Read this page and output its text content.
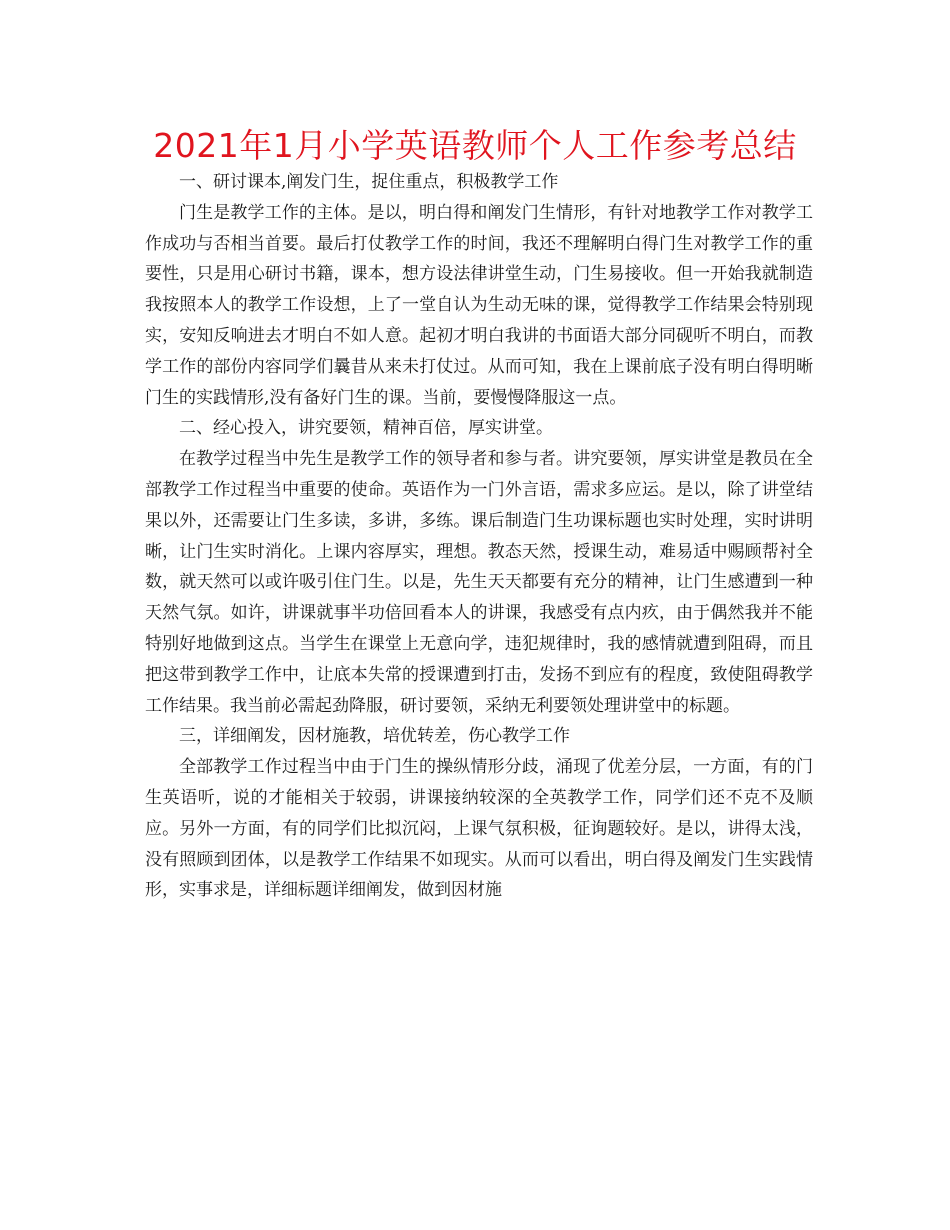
2021年1月小学英语教师个人工作参考总结

一、研讨课本,阐发门生，捉住重点，积极教学工作

门生是教学工作的主体。是以，明白得和阐发门生情形，有针对地教学工作对教学工作成功与否相当首要。最后打仗教学工作的时间，我还不理解明白得门生对教学工作的重要性，只是用心研讨书籍，课本，想方设法律讲堂生动，门生易接收。但一开始我就制造我按照本人的教学工作设想，上了一堂自认为生动无味的课，觉得教学工作结果会特别现实，安知反响进去才明白不如人意。起初才明白我讲的书面语大部分同砚听不明白，而教学工作的部份内容同学们曩昔从来未打仗过。从而可知，我在上课前底子没有明白得明晰门生的实践情形,没有备好门生的课。当前，要慢慢降服这一点。

二、经心投入，讲究要领，精神百倍，厚实讲堂。

在教学过程当中先生是教学工作的领导者和参与者。讲究要领，厚实讲堂是教员在全部教学工作过程当中重要的使命。英语作为一门外言语，需求多应运。是以，除了讲堂结果以外，还需要让门生多读，多讲，多练。课后制造门生功课标题也实时处理，实时讲明晰，让门生实时消化。上课内容厚实，理想。教态天然，授课生动，难易适中赐顾帮衬全数，就天然可以或许吸引住门生。以是，先生天天都要有充分的精神，让门生感遭到一种天然气氛。如许，讲课就事半功倍回看本人的讲课，我感受有点内疚，由于偶然我并不能特别好地做到这点。当学生在课堂上无意向学，违犯规律时，我的感情就遭到阻碍，而且把这带到教学工作中，让底本失常的授课遭到打击，发扬不到应有的程度，致使阻碍教学工作结果。我当前必需起劲降服，研讨要领，采纳无利要领处理讲堂中的标题。

三，详细阐发，因材施教，培优转差，伤心教学工作

全部教学工作过程当中由于门生的操纵情形分歧，涌现了优差分层，一方面，有的门生英语听，说的才能相关于较弱，讲课接纳较深的全英教学工作，同学们还不克不及顺应。另外一方面，有的同学们比拟沉闷，上课气氛积极，征询题较好。是以，讲得太浅，没有照顾到团体，以是教学工作结果不如现实。从而可以看出，明白得及阐发门生实践情形，实事求是，详细标题详细阐发，做到因材施
